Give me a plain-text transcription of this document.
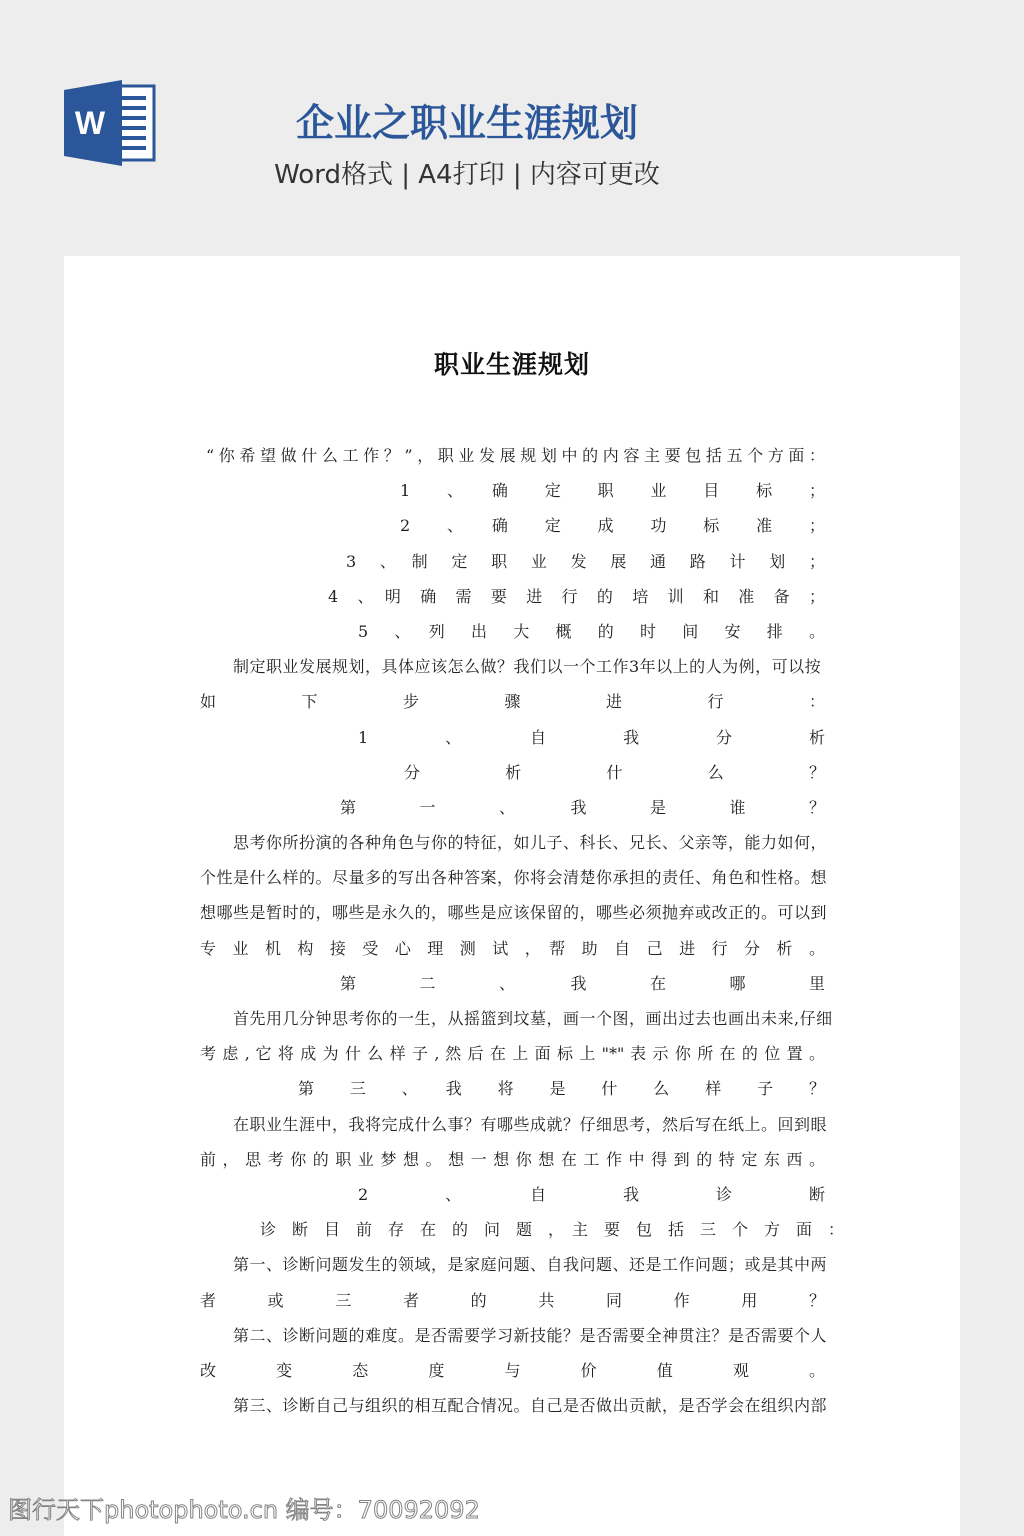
W	企业之职业生涯规划
Word格式 | A4打印 | 内容可更改
职业生涯规划
“你希望做什么工作？”，职业发展规划中的内容主要包括五个方面：
1　、　确　定　职　业　目　标　；
2　、　确　定　成　功　标　准　；
3　、　制　定　职　业　发　展　通　路　计　划　；
4　、　明　确　需　要　进　行　的　培　训　和　准　备　；
5　、　列　出　大　概　的　时　间　安　排　。
　　制定职业发展规划，具体应该怎么做？我们以一个工作3年以上的人为例，可以按
如　下　步　骤　进　行　：
1　、　自　我　分　析
分　析　什　么　？
第　一　、　我　是　谁　？
　　思考你所扮演的各种角色与你的特征，如儿子、科长、兄长、父亲等，能力如何，
个性是什么样的。尽量多的写出各种答案，你将会清楚你承担的责任、角色和性格。想
想哪些是暂时的，哪些是永久的，哪些是应该保留的，哪些必须抛弃或改正的。可以到
专　业　机　构　接　受　心　理　测　试　，　帮　助　自　己　进　行　分　析　。
第　二　、　我　在　哪　里
　　首先用几分钟思考你的一生，从摇篮到坟墓，画一个图，画出过去也画出未来,仔细
考 虑 , 它 将 成 为 什 么 样 子 , 然 后 在 上 面 标 上 "*" 表 示 你 所 在 的 位 置 。
第　三　、　我　将　是　什　么　样　子　？
　　在职业生涯中，我将完成什么事？有哪些成就？仔细思考，然后写在纸上。回到眼
前，思考你的职业梦想。想一想你想在工作中得到的特定东西。
2　、　自　我　诊　断
诊　断　目　前　存　在　的　问　题　，　主　要　包　括　三　个　方　面　：
　　第一、诊断问题发生的领域，是家庭问题、自我问题、还是工作问题；或是其中两
者　或　三　者　的　共　同　作　用　？
　　第二、诊断问题的难度。是否需要学习新技能？是否需要全神贯注？是否需要个人
改　变　态　度　与　价　值　观　。
　　第三、诊断自己与组织的相互配合情况。自己是否做出贡献，是否学会在组织内部
图行天下photophoto.cn 编号：70092092
